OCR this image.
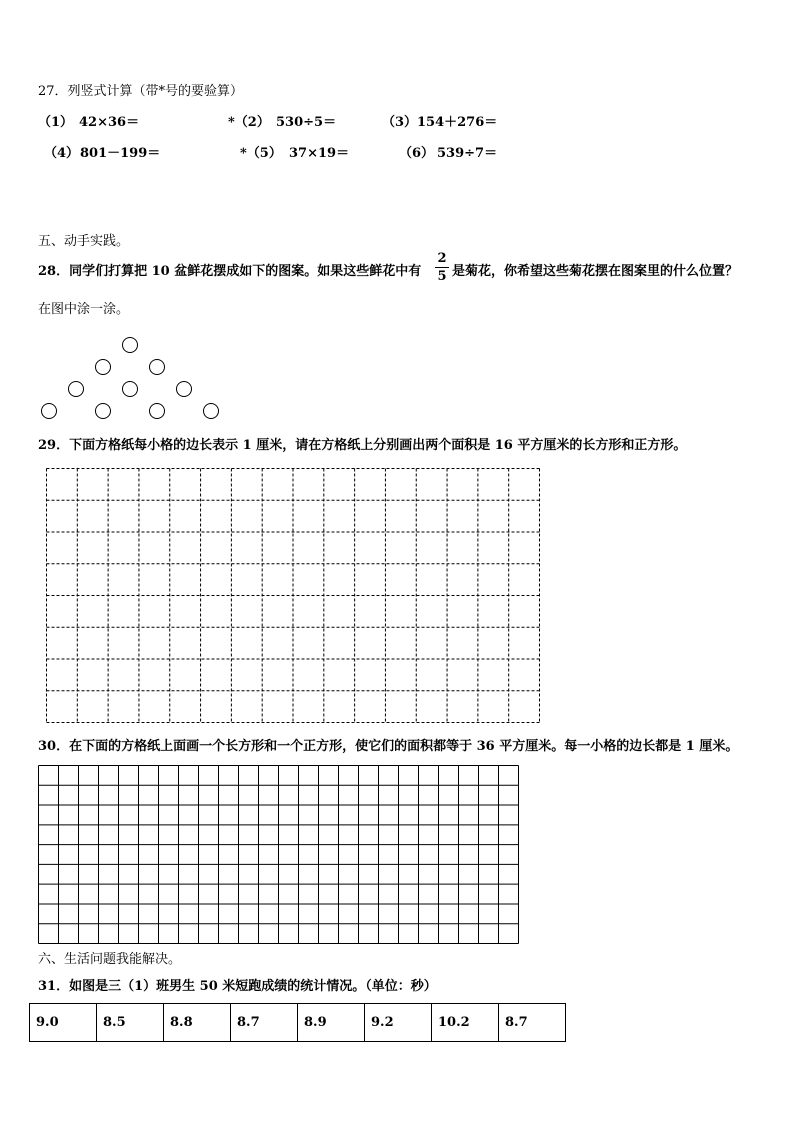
27．列竖式计算（带*号的要验算）
（1） 42×36＝	*（2） 530÷5＝	（3） 154＋276＝
（4） 801－199＝	*（5） 37×19＝	（6） 539÷7＝
五、动手实践。
28．同学们打算把 10 盆鲜花摆成如下的图案。如果这些鲜花中有
2
5 是菊花，你希望这些菊花摆在图案里的什么位置？
在图中涂一涂。
29．下面方格纸每小格的边长表示 1 厘米，请在方格纸上分别画出两个面积是 16 平方厘米的长方形和正方形。
30．在下面的方格纸上面画一个长方形和一个正方形，使它们的面积都等于 36 平方厘米。每一小格的边长都是 1 厘米。
六、生活问题我能解决。
31．如图是三（1）班男生 50 米短跑成绩的统计情况。（单位：秒）
9.0	8.5	8.8	8.7	8.9	9.2	10.2	8.7
